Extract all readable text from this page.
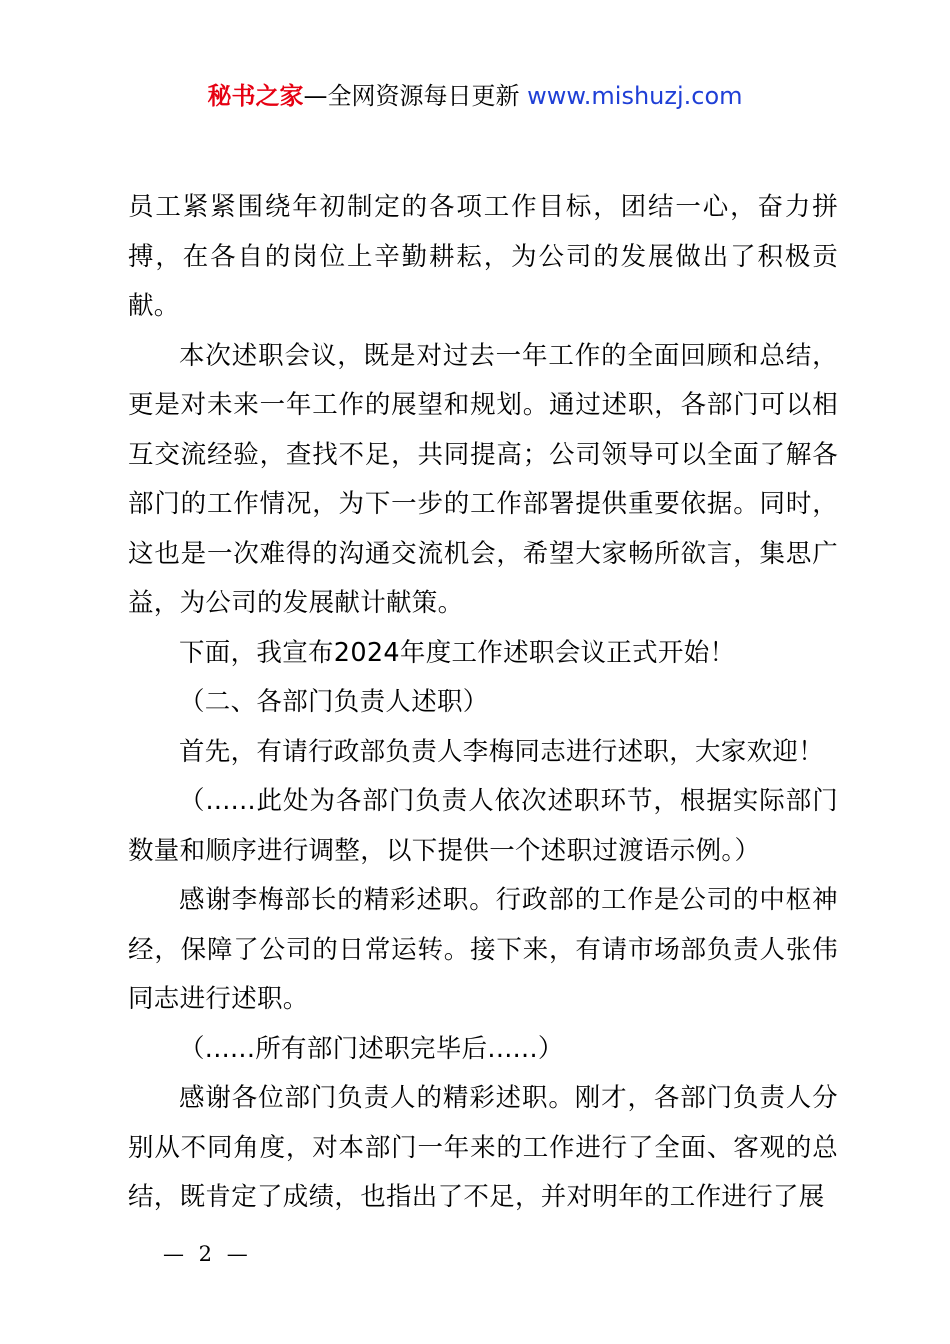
秘书之家—全网资源每日更新 www.mishuzj.com

员工紧紧围绕年初制定的各项工作目标，团结一心，奋力拼搏，在各自的岗位上辛勤耕耘，为公司的发展做出了积极贡献。

本次述职会议，既是对过去一年工作的全面回顾和总结，更是对未来一年工作的展望和规划。通过述职，各部门可以相互交流经验，查找不足，共同提高；公司领导可以全面了解各部门的工作情况，为下一步的工作部署提供重要依据。同时，这也是一次难得的沟通交流机会，希望大家畅所欲言，集思广益，为公司的发展献计献策。

下面，我宣布2024年度工作述职会议正式开始！

（二、各部门负责人述职）

首先，有请行政部负责人李梅同志进行述职，大家欢迎！

（......此处为各部门负责人依次述职环节，根据实际部门数量和顺序进行调整，以下提供一个述职过渡语示例。）

感谢李梅部长的精彩述职。行政部的工作是公司的中枢神经，保障了公司的日常运转。接下来，有请市场部负责人张伟同志进行述职。

（......所有部门述职完毕后......）

感谢各位部门负责人的精彩述职。刚才，各部门负责人分别从不同角度，对本部门一年来的工作进行了全面、客观的总结，既肯定了成绩，也指出了不足，并对明年的工作进行了展

— 2 —
